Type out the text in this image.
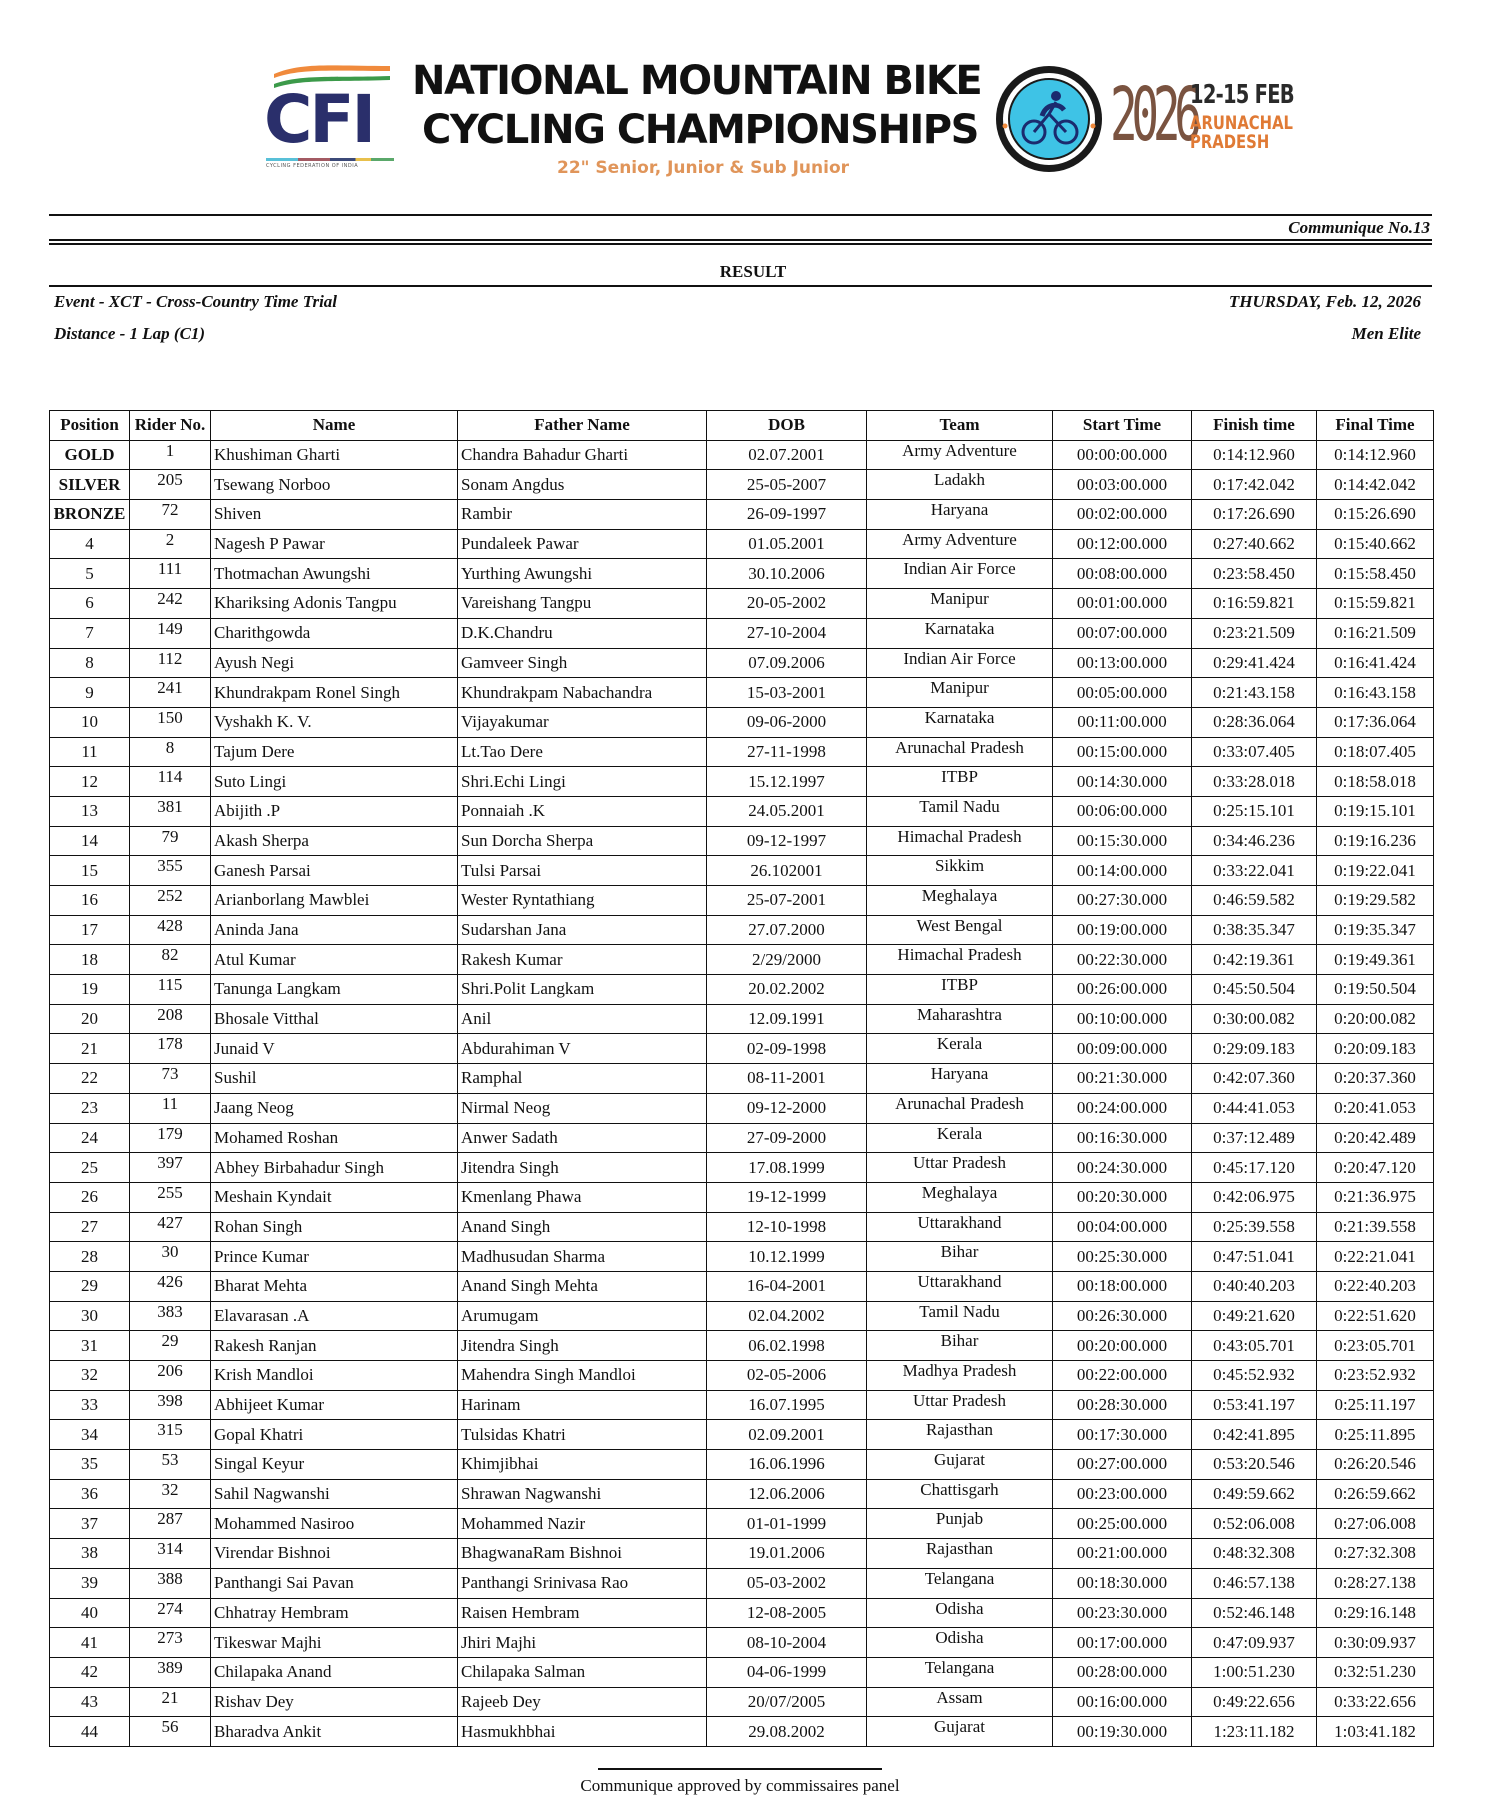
CFI
CYCLING FEDERATION OF INDIA
NATIONAL MOUNTAIN BIKE
CYCLING CHAMPIONSHIPS
22" Senior, Junior & Sub Junior
2026
12-15 FEB
ARUNACHAL
PRADESH
Communique No.13
RESULT
Event - XCT - Cross-Country Time Trial	THURSDAY, Feb. 12, 2026
Distance - 1 Lap (C1)	Men Elite
Position	Rider No.	Name	Father Name	DOB	Team	Start Time	Finish time	Final Time
GOLD	1	Khushiman Gharti	Chandra Bahadur Gharti	02.07.2001	Army Adventure	00:00:00.000	0:14:12.960	0:14:12.960
SILVER	205	Tsewang Norboo	Sonam Angdus	25-05-2007	Ladakh	00:03:00.000	0:17:42.042	0:14:42.042
BRONZE	72	Shiven	Rambir	26-09-1997	Haryana	00:02:00.000	0:17:26.690	0:15:26.690
4	2	Nagesh P Pawar	Pundaleek Pawar	01.05.2001	Army Adventure	00:12:00.000	0:27:40.662	0:15:40.662
5	111	Thotmachan Awungshi	Yurthing Awungshi	30.10.2006	Indian Air Force	00:08:00.000	0:23:58.450	0:15:58.450
6	242	Khariksing Adonis Tangpu	Vareishang Tangpu	20-05-2002	Manipur	00:01:00.000	0:16:59.821	0:15:59.821
7	149	Charithgowda	D.K.Chandru	27-10-2004	Karnataka	00:07:00.000	0:23:21.509	0:16:21.509
8	112	Ayush Negi	Gamveer Singh	07.09.2006	Indian Air Force	00:13:00.000	0:29:41.424	0:16:41.424
9	241	Khundrakpam Ronel Singh	Khundrakpam Nabachandra	15-03-2001	Manipur	00:05:00.000	0:21:43.158	0:16:43.158
10	150	Vyshakh K. V.	Vijayakumar	09-06-2000	Karnataka	00:11:00.000	0:28:36.064	0:17:36.064
11	8	Tajum Dere	Lt.Tao Dere	27-11-1998	Arunachal Pradesh	00:15:00.000	0:33:07.405	0:18:07.405
12	114	Suto Lingi	Shri.Echi Lingi	15.12.1997	ITBP	00:14:30.000	0:33:28.018	0:18:58.018
13	381	Abijith .P	Ponnaiah .K	24.05.2001	Tamil Nadu	00:06:00.000	0:25:15.101	0:19:15.101
14	79	Akash Sherpa	Sun Dorcha Sherpa	09-12-1997	Himachal Pradesh	00:15:30.000	0:34:46.236	0:19:16.236
15	355	Ganesh Parsai	Tulsi Parsai	26.102001	Sikkim	00:14:00.000	0:33:22.041	0:19:22.041
16	252	Arianborlang Mawblei	Wester Ryntathiang	25-07-2001	Meghalaya	00:27:30.000	0:46:59.582	0:19:29.582
17	428	Aninda Jana	Sudarshan Jana	27.07.2000	West Bengal	00:19:00.000	0:38:35.347	0:19:35.347
18	82	Atul Kumar	Rakesh Kumar	2/29/2000	Himachal Pradesh	00:22:30.000	0:42:19.361	0:19:49.361
19	115	Tanunga Langkam	Shri.Polit Langkam	20.02.2002	ITBP	00:26:00.000	0:45:50.504	0:19:50.504
20	208	Bhosale Vitthal	Anil	12.09.1991	Maharashtra	00:10:00.000	0:30:00.082	0:20:00.082
21	178	Junaid V	Abdurahiman V	02-09-1998	Kerala	00:09:00.000	0:29:09.183	0:20:09.183
22	73	Sushil	Ramphal	08-11-2001	Haryana	00:21:30.000	0:42:07.360	0:20:37.360
23	11	Jaang Neog	Nirmal Neog	09-12-2000	Arunachal Pradesh	00:24:00.000	0:44:41.053	0:20:41.053
24	179	Mohamed Roshan	Anwer Sadath	27-09-2000	Kerala	00:16:30.000	0:37:12.489	0:20:42.489
25	397	Abhey Birbahadur Singh	Jitendra Singh	17.08.1999	Uttar Pradesh	00:24:30.000	0:45:17.120	0:20:47.120
26	255	Meshain Kyndait	Kmenlang Phawa	19-12-1999	Meghalaya	00:20:30.000	0:42:06.975	0:21:36.975
27	427	Rohan Singh	Anand Singh	12-10-1998	Uttarakhand	00:04:00.000	0:25:39.558	0:21:39.558
28	30	Prince Kumar	Madhusudan Sharma	10.12.1999	Bihar	00:25:30.000	0:47:51.041	0:22:21.041
29	426	Bharat Mehta	Anand Singh Mehta	16-04-2001	Uttarakhand	00:18:00.000	0:40:40.203	0:22:40.203
30	383	Elavarasan .A	Arumugam	02.04.2002	Tamil Nadu	00:26:30.000	0:49:21.620	0:22:51.620
31	29	Rakesh Ranjan	Jitendra Singh	06.02.1998	Bihar	00:20:00.000	0:43:05.701	0:23:05.701
32	206	Krish Mandloi	Mahendra Singh Mandloi	02-05-2006	Madhya Pradesh	00:22:00.000	0:45:52.932	0:23:52.932
33	398	Abhijeet Kumar	Harinam	16.07.1995	Uttar Pradesh	00:28:30.000	0:53:41.197	0:25:11.197
34	315	Gopal Khatri	Tulsidas Khatri	02.09.2001	Rajasthan	00:17:30.000	0:42:41.895	0:25:11.895
35	53	Singal Keyur	Khimjibhai	16.06.1996	Gujarat	00:27:00.000	0:53:20.546	0:26:20.546
36	32	Sahil Nagwanshi	Shrawan Nagwanshi	12.06.2006	Chattisgarh	00:23:00.000	0:49:59.662	0:26:59.662
37	287	Mohammed Nasiroo	Mohammed Nazir	01-01-1999	Punjab	00:25:00.000	0:52:06.008	0:27:06.008
38	314	Virendar Bishnoi	BhagwanaRam Bishnoi	19.01.2006	Rajasthan	00:21:00.000	0:48:32.308	0:27:32.308
39	388	Panthangi Sai Pavan	Panthangi Srinivasa Rao	05-03-2002	Telangana	00:18:30.000	0:46:57.138	0:28:27.138
40	274	Chhatray Hembram	Raisen Hembram	12-08-2005	Odisha	00:23:30.000	0:52:46.148	0:29:16.148
41	273	Tikeswar Majhi	Jhiri Majhi	08-10-2004	Odisha	00:17:00.000	0:47:09.937	0:30:09.937
42	389	Chilapaka Anand	Chilapaka Salman	04-06-1999	Telangana	00:28:00.000	1:00:51.230	0:32:51.230
43	21	Rishav Dey	Rajeeb Dey	20/07/2005	Assam	00:16:00.000	0:49:22.656	0:33:22.656
44	56	Bharadva Ankit	Hasmukhbhai	29.08.2002	Gujarat	00:19:30.000	1:23:11.182	1:03:41.182
Communique approved by commissaires panel
